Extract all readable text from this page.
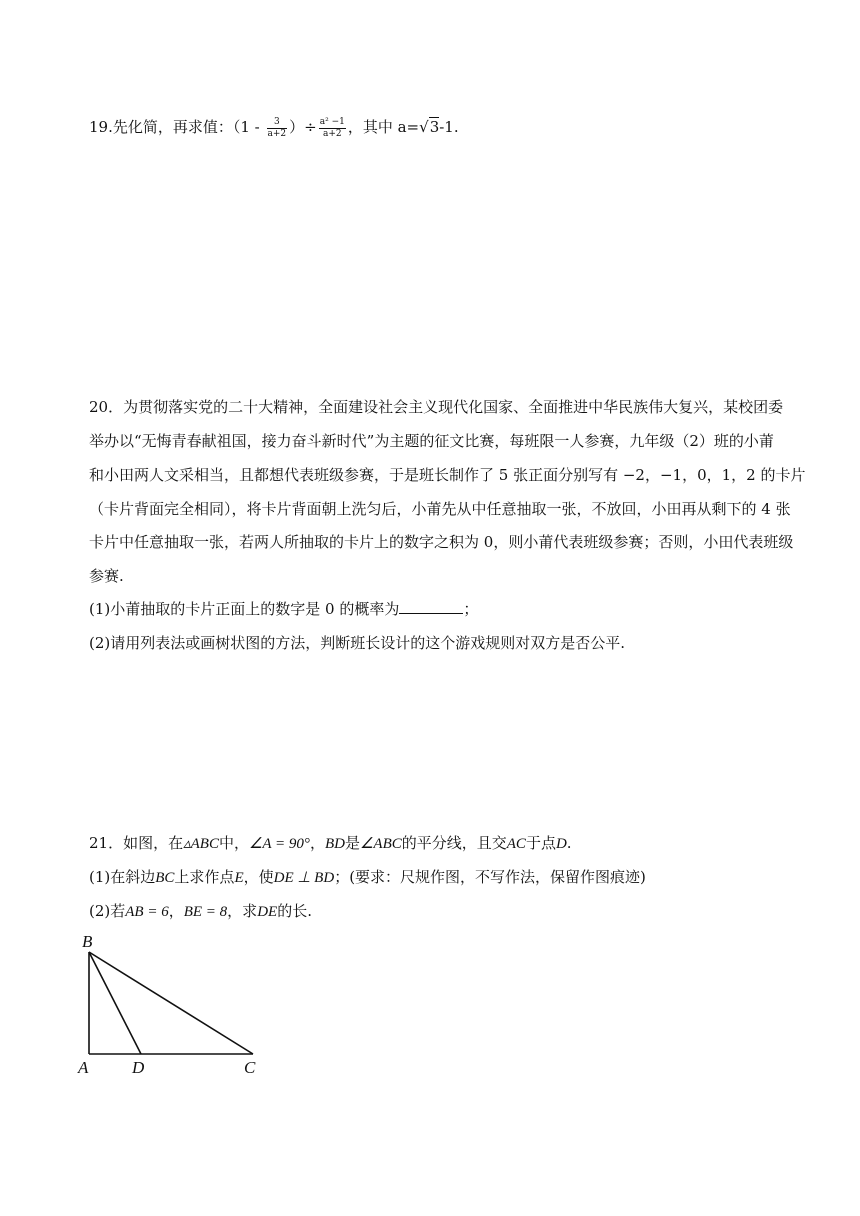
19.先化简，再求值：（$1 - \frac{3}{a+2}$ ）÷ $\frac{\text{a² −1}}{a+2}$ ，其中 a=√3-1.
20．为贯彻落实党的二十大精神，全面建设社会主义现代化国家、全面推进中华民族伟大复兴，某校团委
举办以“无悔青春献祖国，接力奋斗新时代”为主题的征文比赛，每班限一人参赛，九年级（2）班的小莆
和小田两人文采相当，且都想代表班级参赛，于是班长制作了 5 张正面分别写有 −2，−1，0，1，2 的卡片
（卡片背面完全相同），将卡片背面朝上洗匀后，小莆先从中任意抽取一张，不放回，小田再从剩下的 4 张
卡片中任意抽取一张，若两人所抽取的卡片上的数字之积为 0，则小莆代表班级参赛；否则，小田代表班级
参赛.
(1)小莆抽取的卡片正面上的数字是 0 的概率为	；
(2)请用列表法或画树状图的方法，判断班长设计的这个游戏规则对双方是否公平.
21．如图，在▵ABC中，∠A = 90°，BD是∠ABC的平分线，且交AC于点D.
(1)在斜边BC上求作点E，使DE ⊥ BD；(要求：尺规作图，不写作法，保留作图痕迹)
(2)若AB = 6，BE = 8，求DE的长.
B
A	D	C
